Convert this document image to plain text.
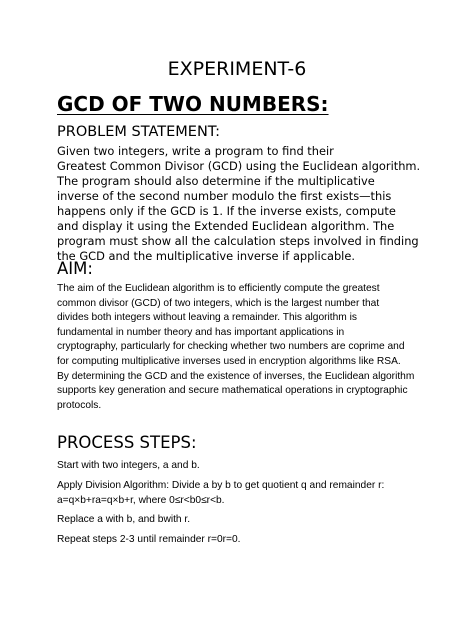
EXPERIMENT-6
GCD OF TWO NUMBERS:
PROBLEM STATEMENT:

Given two integers, write a program to find their
Greatest Common Divisor (GCD) using the Euclidean algorithm.
The program should also determine if the multiplicative
inverse of the second number modulo the first exists—this
happens only if the GCD is 1. If the inverse exists, compute
and display it using the Extended Euclidean algorithm. The
program must show all the calculation steps involved in finding
the GCD and the multiplicative inverse if applicable.

AIM:

The aim of the Euclidean algorithm is to efficiently compute the greatest
common divisor (GCD) of two integers, which is the largest number that
divides both integers without leaving a remainder. This algorithm is
fundamental in number theory and has important applications in
cryptography, particularly for checking whether two numbers are coprime and
for computing multiplicative inverses used in encryption algorithms like RSA.
By determining the GCD and the existence of inverses, the Euclidean algorithm
supports key generation and secure mathematical operations in cryptographic
protocols.

PROCESS STEPS:

Start with two integers, a and b.

Apply Division Algorithm: Divide a by b to get quotient q and remainder r:
a=q×b+ra=q×b+r, where 0≤r<b0≤r<b.

Replace a with b, and bwith r.

Repeat steps 2-3 until remainder r=0r=0.
